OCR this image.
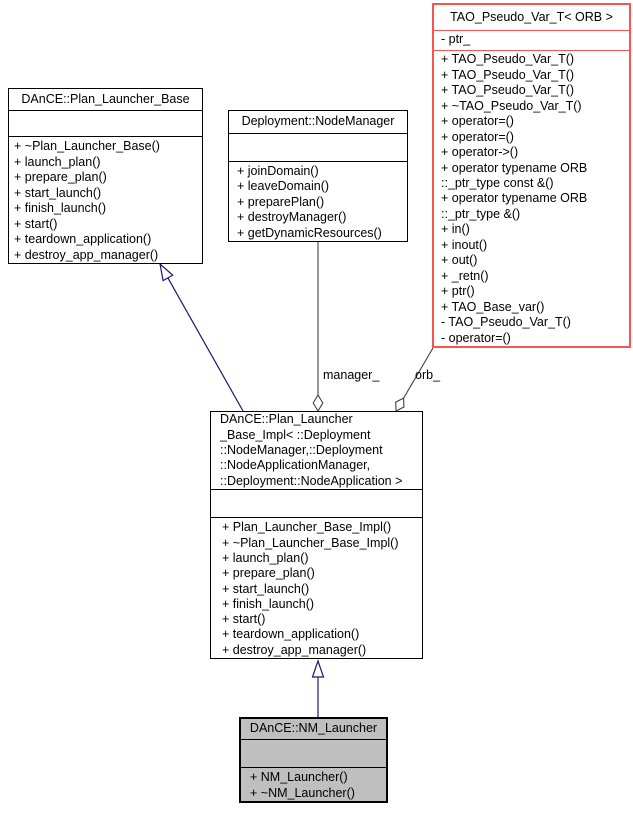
DAnCE::Plan_Launcher_Base
+ ~Plan_Launcher_Base()
+ launch_plan()
+ prepare_plan()
+ start_launch()
+ finish_launch()
+ start()
+ teardown_application()
+ destroy_app_manager()
Deployment::NodeManager
+ joinDomain()
+ leaveDomain()
+ preparePlan()
+ destroyManager()
+ getDynamicResources()
TAO_Pseudo_Var_T< ORB >
- ptr_
+ TAO_Pseudo_Var_T()
+ TAO_Pseudo_Var_T()
+ TAO_Pseudo_Var_T()
+ ~TAO_Pseudo_Var_T()
+ operator=()
+ operator=()
+ operator->()
+ operator typename ORB
::_ptr_type const &()
+ operator typename ORB
::_ptr_type &()
+ in()
+ inout()
+ out()
+ _retn()
+ ptr()
+ TAO_Base_var()
- TAO_Pseudo_Var_T()
- operator=()
DAnCE::Plan_Launcher
_Base_Impl< ::Deployment
::NodeManager,::Deployment
::NodeApplicationManager,
::Deployment::NodeApplication >
+ Plan_Launcher_Base_Impl()
+ ~Plan_Launcher_Base_Impl()
+ launch_plan()
+ prepare_plan()
+ start_launch()
+ finish_launch()
+ start()
+ teardown_application()
+ destroy_app_manager()
DAnCE::NM_Launcher
+ NM_Launcher()
+ ~NM_Launcher()
manager_	orb_
